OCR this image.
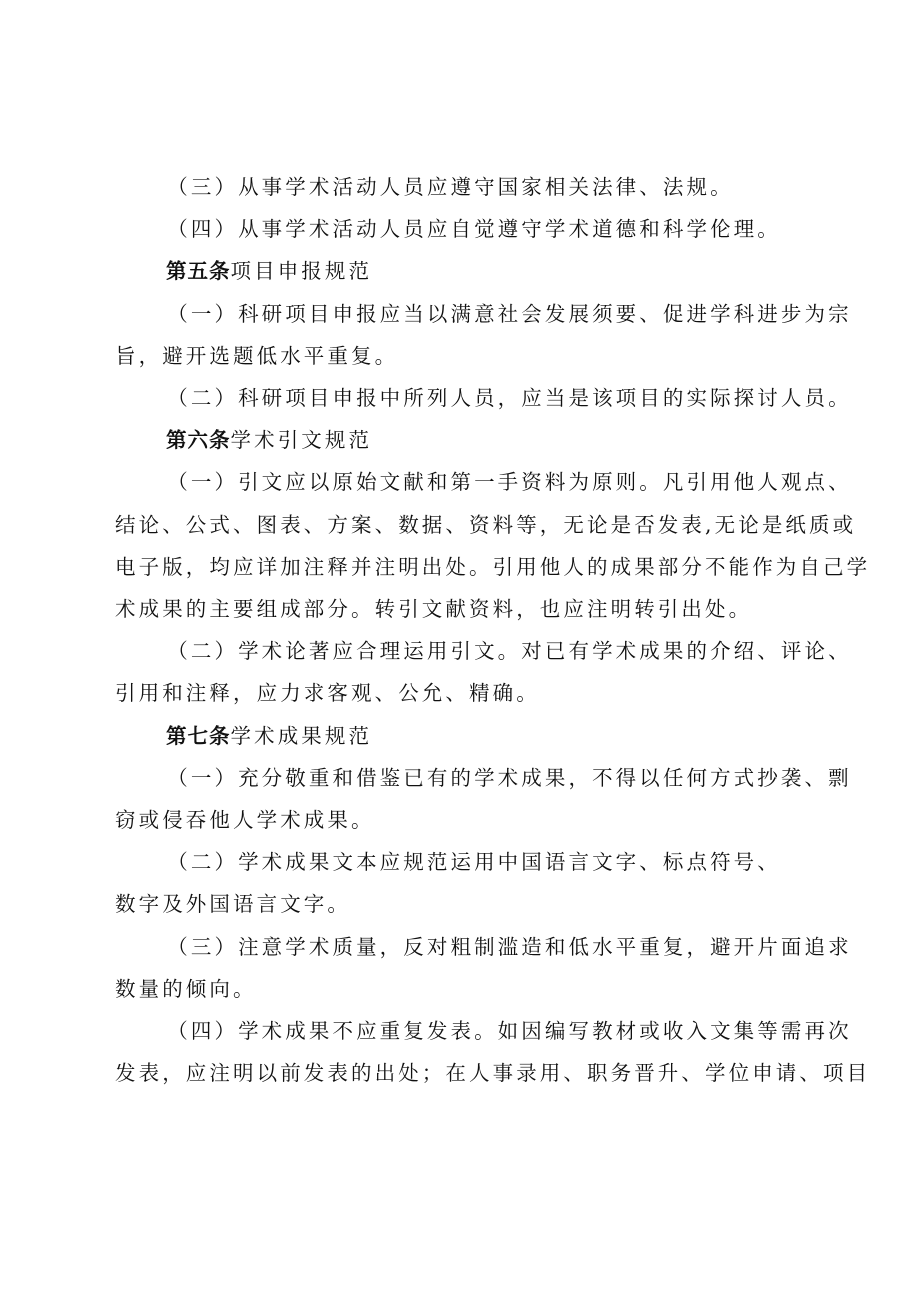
（三）从事学术活动人员应遵守国家相关法律、法规。

（四）从事学术活动人员应自觉遵守学术道德和科学伦理。

第五条项目申报规范

（一）科研项目申报应当以满意社会发展须要、促进学科进步为宗
旨，避开选题低水平重复。

（二）科研项目申报中所列人员，应当是该项目的实际探讨人员。

第六条学术引文规范

（一）引文应以原始文献和第一手资料为原则。凡引用他人观点、
结论、公式、图表、方案、数据、资料等，无论是否发表,无论是纸质或
电子版，均应详加注释并注明出处。引用他人的成果部分不能作为自己学
术成果的主要组成部分。转引文献资料，也应注明转引出处。

（二）学术论著应合理运用引文。对已有学术成果的介绍、评论、
引用和注释，应力求客观、公允、精确。

第七条学术成果规范

（一）充分敬重和借鉴已有的学术成果，不得以任何方式抄袭、剽
窃或侵吞他人学术成果。

（二）学术成果文本应规范运用中国语言文字、标点符号、
数字及外国语言文字。

（三）注意学术质量，反对粗制滥造和低水平重复，避开片面追求
数量的倾向。

（四）学术成果不应重复发表。如因编写教材或收入文集等需再次
发表，应注明以前发表的出处；在人事录用、职务晋升、学位申请、项目
